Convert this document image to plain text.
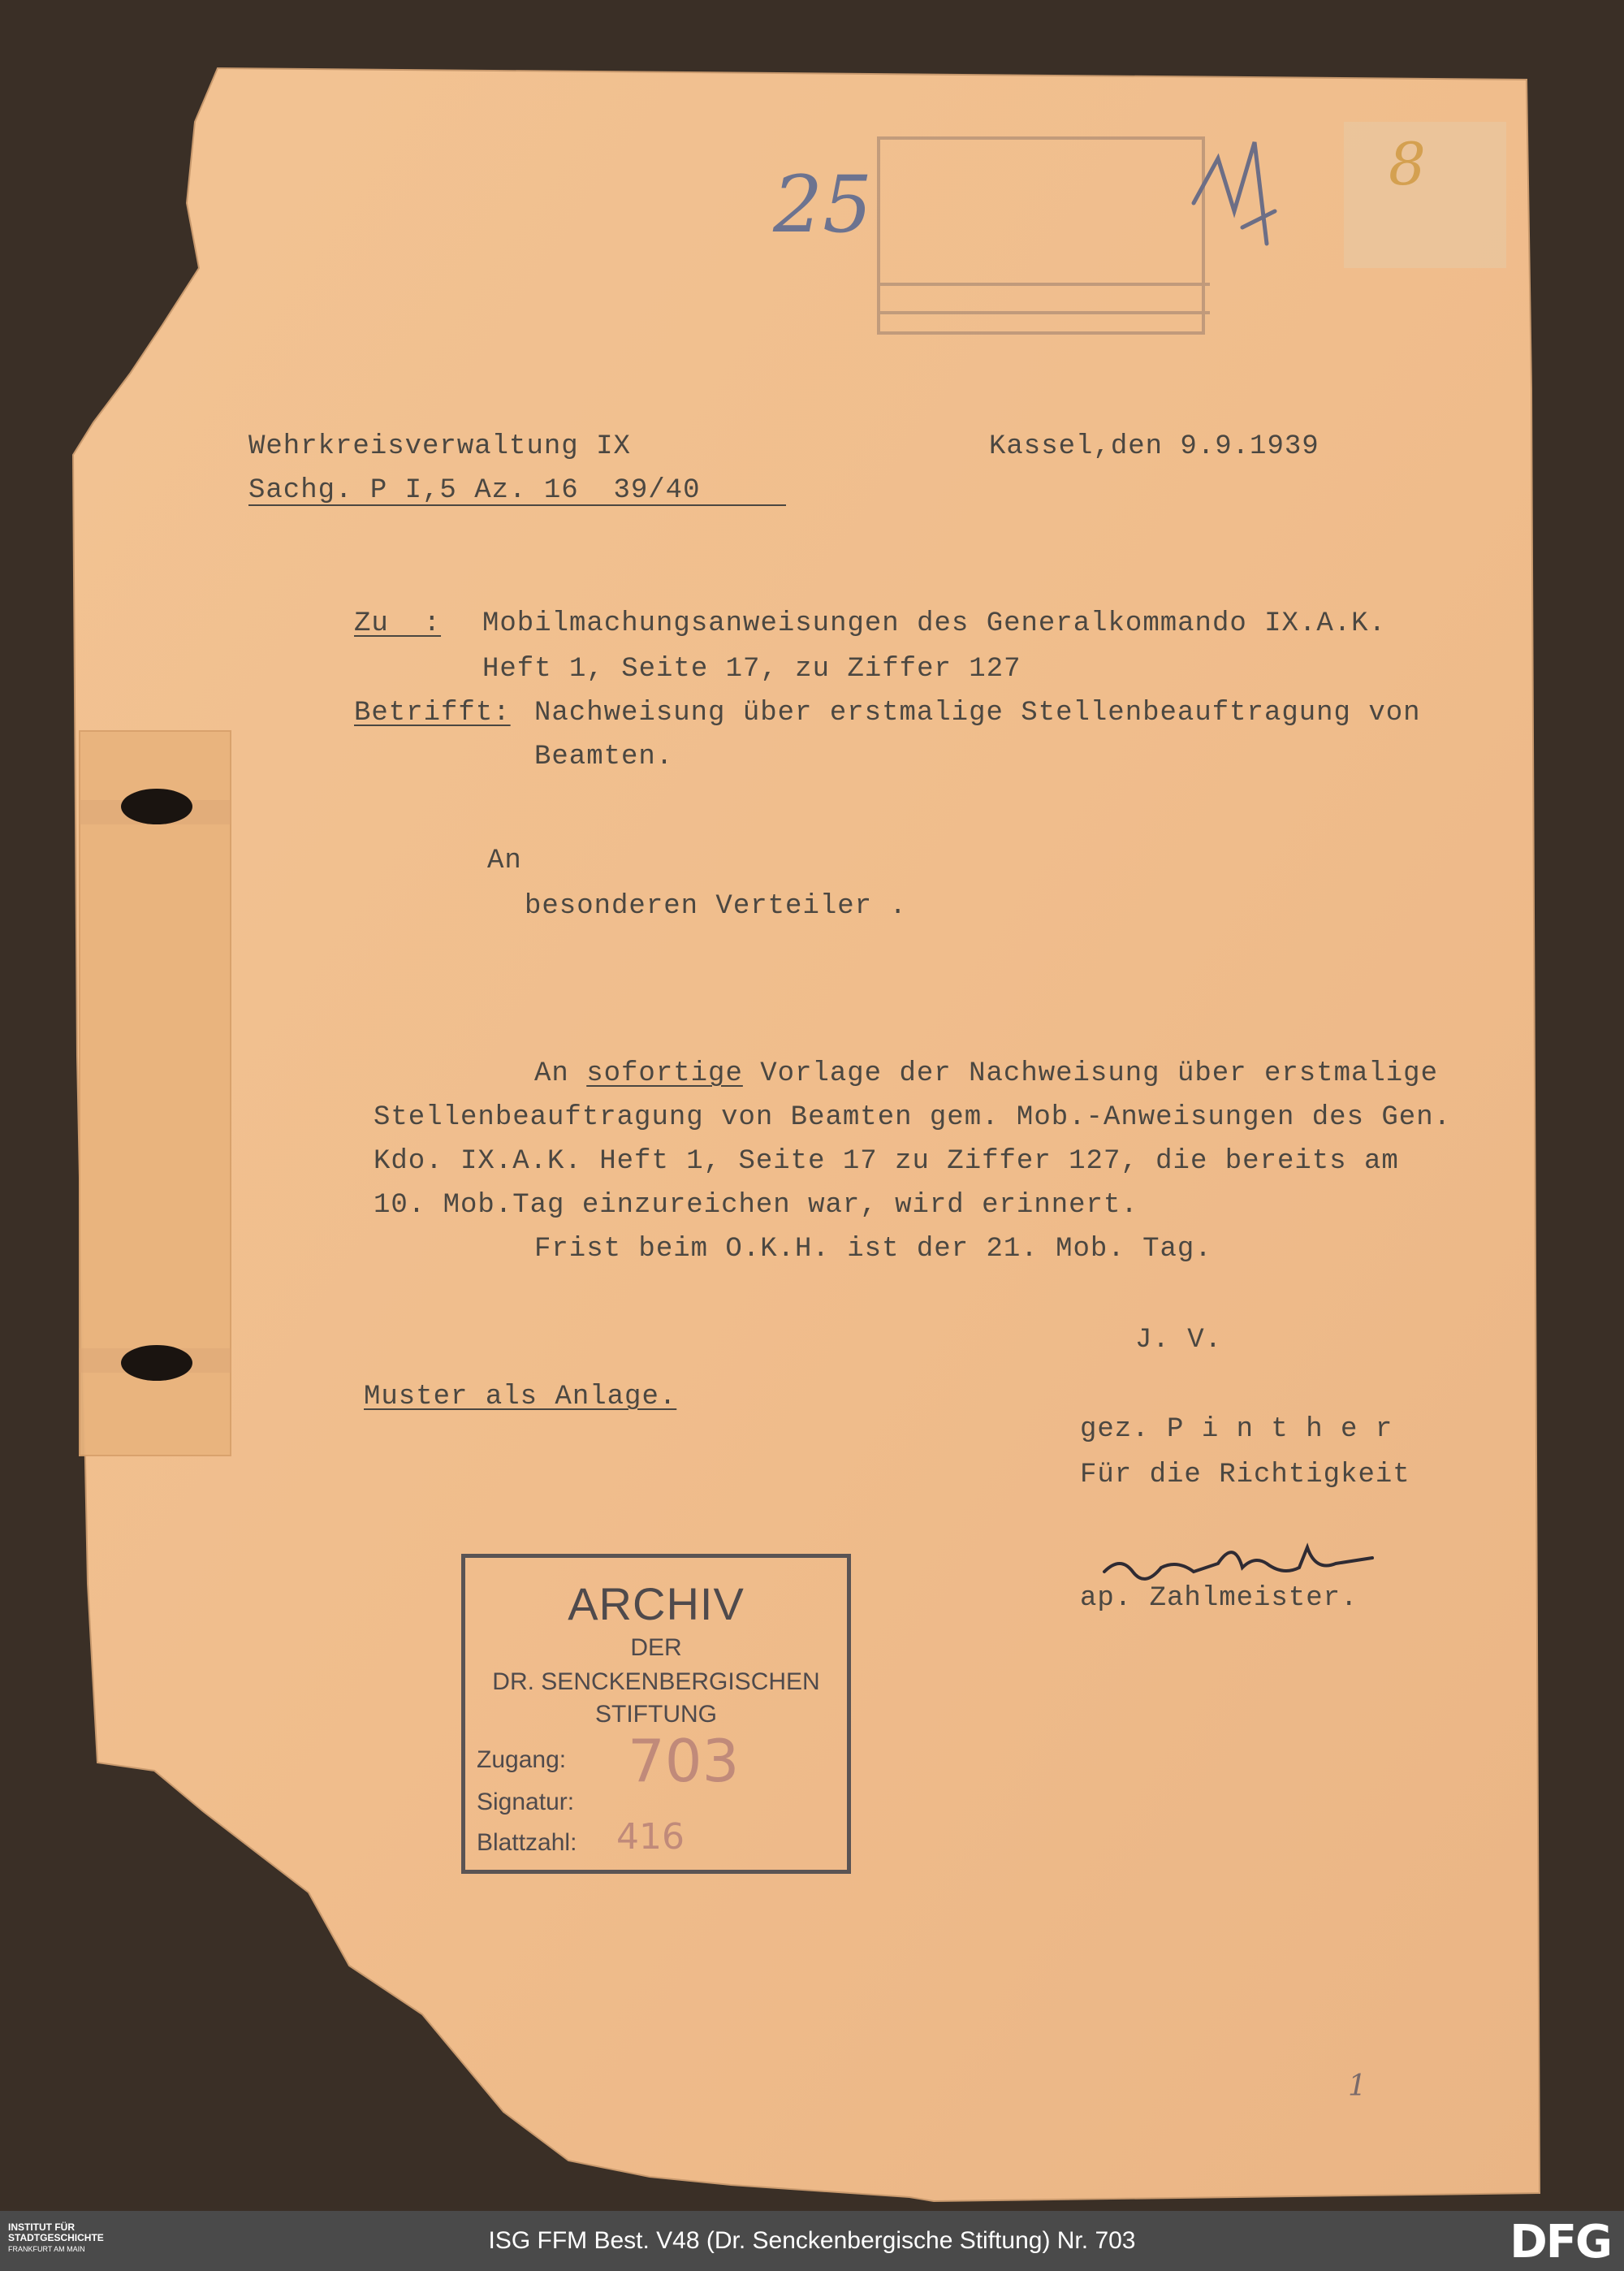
Wehrkreisverwaltung IX

Sachg. P I,5 Az. 16  39/40

Kassel,den 9.9.1939

Zu  : Mobilmachungsanweisungen des Generalkommando IX.A.K.

Heft 1, Seite 17, zu Ziffer 127

Betrifft: Nachweisung über erstmalige Stellenbeauftragung von

Beamten.

An

besonderen Verteiler .

An sofortige Vorlage der Nachweisung über erstmalige

Stellenbeauftragung von Beamten gem. Mob.-Anweisungen des Gen.

Kdo. IX.A.K. Heft 1, Seite 17 zu Ziffer 127, die bereits am

10. Mob.Tag einzureichen war, wird erinnert.

Frist beim O.K.H. ist der 21. Mob. Tag.

J. V.

Muster als Anlage.

gez. P i n t h e r

Für die Richtigkeit

ap. Zahlmeister.

25	8

1

ARCHIV
DER
DR. SENCKENBERGISCHEN
STIFTUNG
Zugang: 703
Signatur:
Blattzahl: 416
INSTITUT FÜR
STADTGESCHICHTE
FRANKFURT AM MAIN	ISG FFM Best. V48 (Dr. Senckenbergische Stiftung) Nr. 703	DFG
